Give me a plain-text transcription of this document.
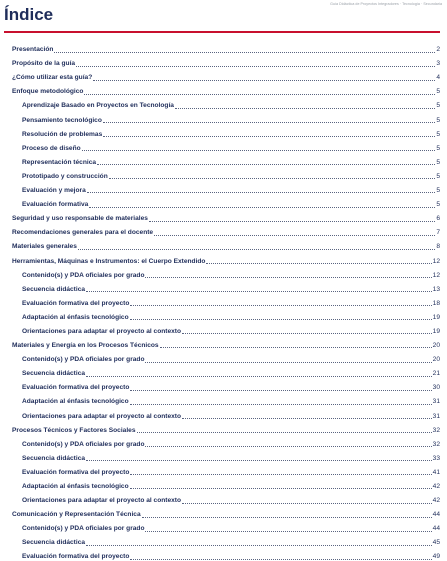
Guía Didáctica de Proyectos Integradores · Tecnología · Secundaria
Índice
Presentación	2
Propósito de la guía	3
¿Cómo utilizar esta guía?	4
Enfoque metodológico	5
Aprendizaje Basado en Proyectos en Tecnología	5
Pensamiento tecnológico	5
Resolución de problemas	5
Proceso de diseño	5
Representación técnica	5
Prototipado y construcción	5
Evaluación y mejora	5
Evaluación formativa	5
Seguridad y uso responsable de materiales	6
Recomendaciones generales para el docente	7
Materiales generales	8
Herramientas, Máquinas e Instrumentos: el Cuerpo Extendido	12
Contenido(s) y PDA oficiales por grado	12
Secuencia didáctica	13
Evaluación formativa del proyecto	18
Adaptación al énfasis tecnológico	19
Orientaciones para adaptar el proyecto al contexto	19
Materiales y Energía en los Procesos Técnicos	20
Contenido(s) y PDA oficiales por grado	20
Secuencia didáctica	21
Evaluación formativa del proyecto	30
Adaptación al énfasis tecnológico	31
Orientaciones para adaptar el proyecto al contexto	31
Procesos Técnicos y Factores Sociales	32
Contenido(s) y PDA oficiales por grado	32
Secuencia didáctica	33
Evaluación formativa del proyecto	41
Adaptación al énfasis tecnológico	42
Orientaciones para adaptar el proyecto al contexto	42
Comunicación y Representación Técnica	44
Contenido(s) y PDA oficiales por grado	44
Secuencia didáctica	45
Evaluación formativa del proyecto	49
